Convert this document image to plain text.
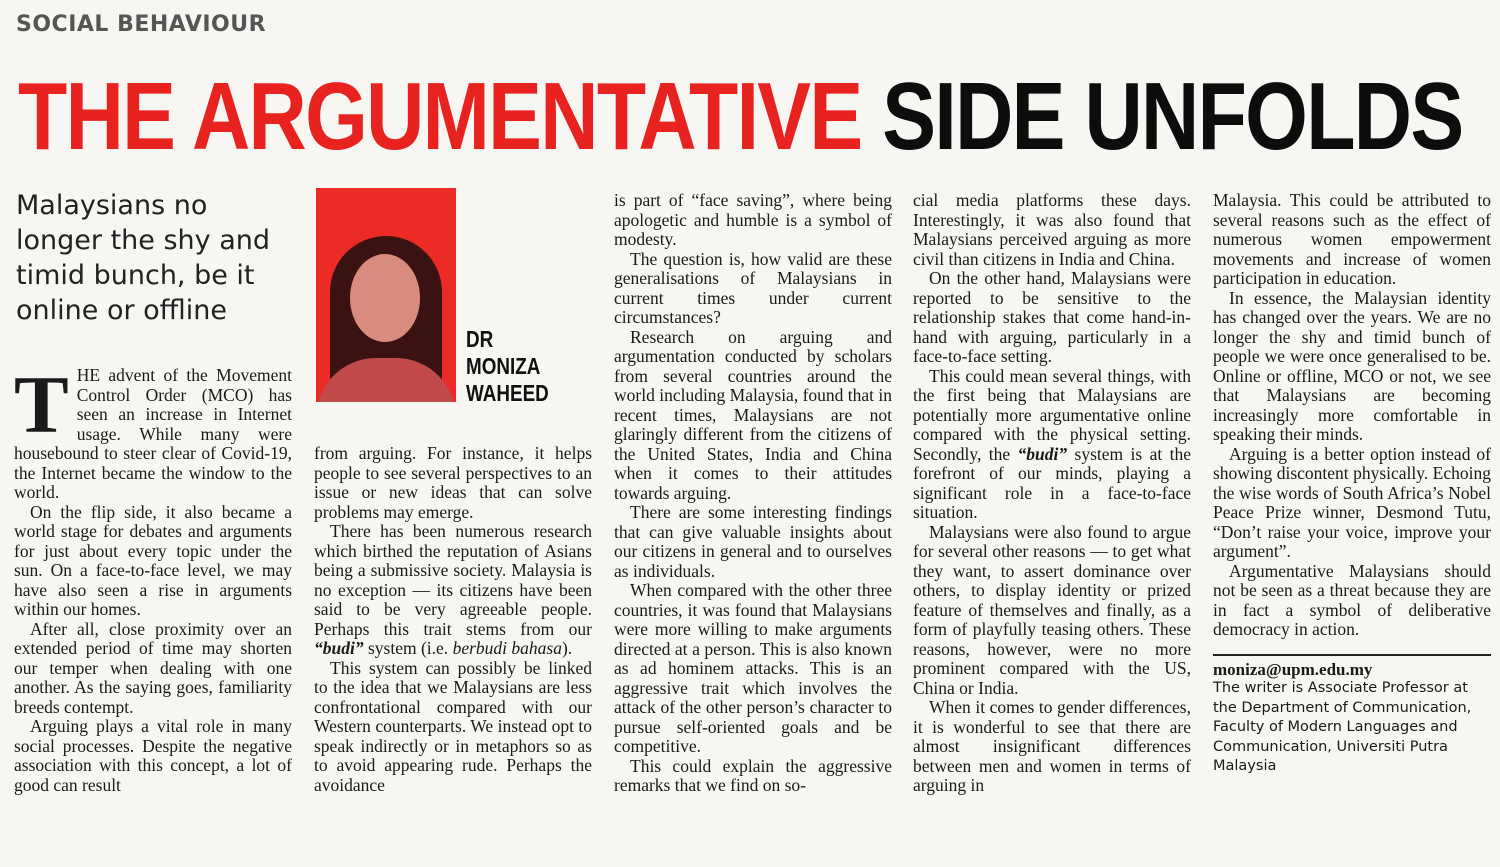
SOCIAL BEHAVIOUR
THE ARGUMENTATIVE SIDE UNFOLDS
Malaysians no longer the shy and timid bunch, be it online or offline
DR
MONIZA
WAHEED

THE advent of the Movement Control Order (MCO) has seen an increase in Internet usage. While many were housebound to steer clear of Covid-19, the Internet became the window to the world.

On the flip side, it also became a world stage for debates and arguments for just about every topic under the sun. On a face-to-face level, we may have also seen a rise in arguments within our homes.

After all, close proximity over an extended period of time may shorten our temper when dealing with one another. As the saying goes, familiarity breeds contempt.

Arguing plays a vital role in many social processes. Despite the negative association with this concept, a lot of good can result

from arguing. For instance, it helps people to see several perspectives to an issue or new ideas that can solve problems may emerge.

There has been numerous research which birthed the reputation of Asians being a submissive society. Malaysia is no exception — its citizens have been said to be very agreeable people. Perhaps this trait stems from our “budi” system (i.e. berbudi bahasa).

This system can possibly be linked to the idea that we Malaysians are less confrontational compared with our Western counterparts. We instead opt to speak indirectly or in metaphors so as to avoid appearing rude. Perhaps the avoidance

is part of “face saving”, where being apologetic and humble is a symbol of modesty.

The question is, how valid are these generalisations of Malaysians in current times under current circumstances?

Research on arguing and argumentation conducted by scholars from several countries around the world including Malaysia, found that in recent times, Malaysians are not glaringly different from the citizens of the United States, India and China when it comes to their attitudes towards arguing.

There are some interesting findings that can give valuable insights about our citizens in general and to ourselves as individuals.

When compared with the other three countries, it was found that Malaysians were more willing to make arguments directed at a person. This is also known as ad hominem attacks. This is an aggressive trait which involves the attack of the other person’s character to pursue self-oriented goals and be competitive.

This could explain the aggressive remarks that we find on so-

cial media platforms these days. Interestingly, it was also found that Malaysians perceived arguing as more civil than citizens in India and China.

On the other hand, Malaysians were reported to be sensitive to the relationship stakes that come hand-in-hand with arguing, particularly in a face-to-face setting.

This could mean several things, with the first being that Malaysians are potentially more argumentative online compared with the physical setting. Secondly, the “budi” system is at the forefront of our minds, playing a significant role in a face-to-face situation.

Malaysians were also found to argue for several other reasons — to get what they want, to assert dominance over others, to display identity or prized feature of themselves and finally, as a form of playfully teasing others. These reasons, however, were no more prominent compared with the US, China or India.

When it comes to gender differences, it is wonderful to see that there are almost insignificant differences between men and women in terms of arguing in

Malaysia. This could be attributed to several reasons such as the effect of numerous women empowerment movements and increase of women participation in education.

In essence, the Malaysian identity has changed over the years. We are no longer the shy and timid bunch of people we were once generalised to be. Online or offline, MCO or not, we see that Malaysians are becoming increasingly more comfortable in speaking their minds.

Arguing is a better option instead of showing discontent physically. Echoing the wise words of South Africa’s Nobel Peace Prize winner, Desmond Tutu, “Don’t raise your voice, improve your argument”.

Argumentative Malaysians should not be seen as a threat because they are in fact a symbol of deliberative democracy in action.

moniza@upm.edu.my
The writer is Associate Professor at the Department of Communication, Faculty of Modern Languages and Communication, Universiti Putra Malaysia
